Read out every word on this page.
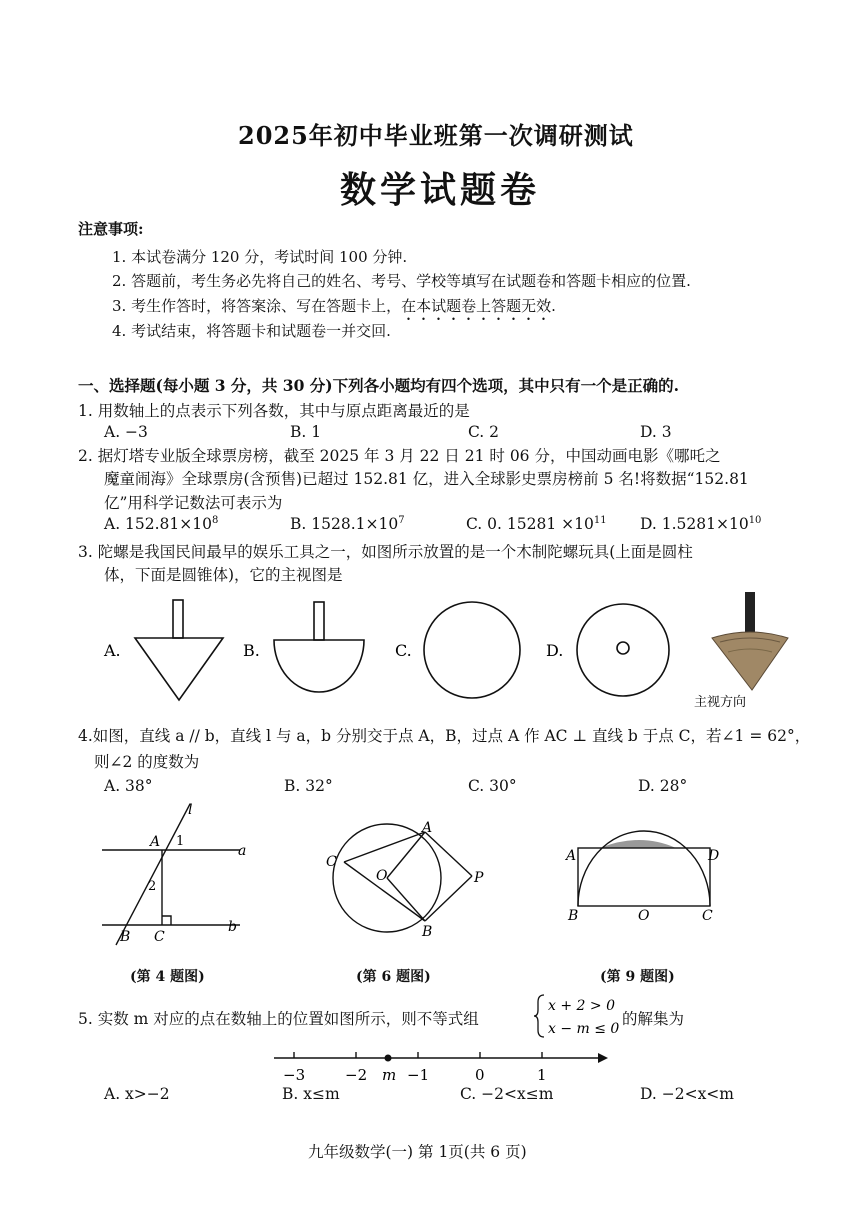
2025年初中毕业班第一次调研测试
数学试题卷
注意事项:
1. 本试卷满分 120 分，考试时间 100 分钟.
2. 答题前，考生务必先将自己的姓名、考号、学校等填写在试题卷和答题卡相应的位置.
3. 考生作答时，将答案涂、写在答题卡上，在本试题卷上答题无效.
4. 考试结束，将答题卡和试题卷一并交回.
一、选择题(每小题 3 分，共 30 分)下列各小题均有四个选项，其中只有一个是正确的.
1. 用数轴上的点表示下列各数，其中与原点距离最近的是
A. −3	B. 1	C. 2	D. 3
2. 据灯塔专业版全球票房榜，截至 2025 年 3 月 22 日 21 时 06 分，中国动画电影《哪吒之
魔童闹海》全球票房(含预售)已超过 152.81 亿，进入全球影史票房榜前 5 名!将数据“152.81
亿”用科学记数法可表示为
A. $152.81\times 10^8$	B. $1528.1\times 10^7$	C. 0. $15281 \times 10^{11}$ D. $1.5281\times 10^{10}$
3. 陀螺是我国民间最早的娱乐工具之一，如图所示放置的是一个木制陀螺玩具(上面是圆柱
体，下面是圆锥体)，它的主视图是
A.	B.	C.	D.
主视方向
4.如图，直线 a // b，直线 l 与 a，b 分别交于点 A，B，过点 A 作 AC ⊥ 直线 b 于点 C，若∠1 = 62°，
则∠2 的度数为
A. 38°	B. 32°	C. 30°	D. 28°
l
A 1
a
2
B C
b
A
C
O	P
B
A	D
B	O	C
(第 4 题图)	(第 6 题图)	(第 9 题图)
5. 实数 m 对应的点在数轴上的位置如图所示，则不等式组
x + 2 > 0
x − m ≤ 0
的解集为
−3	−2 m −1	0	1
A. x>−2	B. x≤m	C. −2<x≤m	D. −2<x<m
九年级数学(一) 第 1页(共 6 页)
